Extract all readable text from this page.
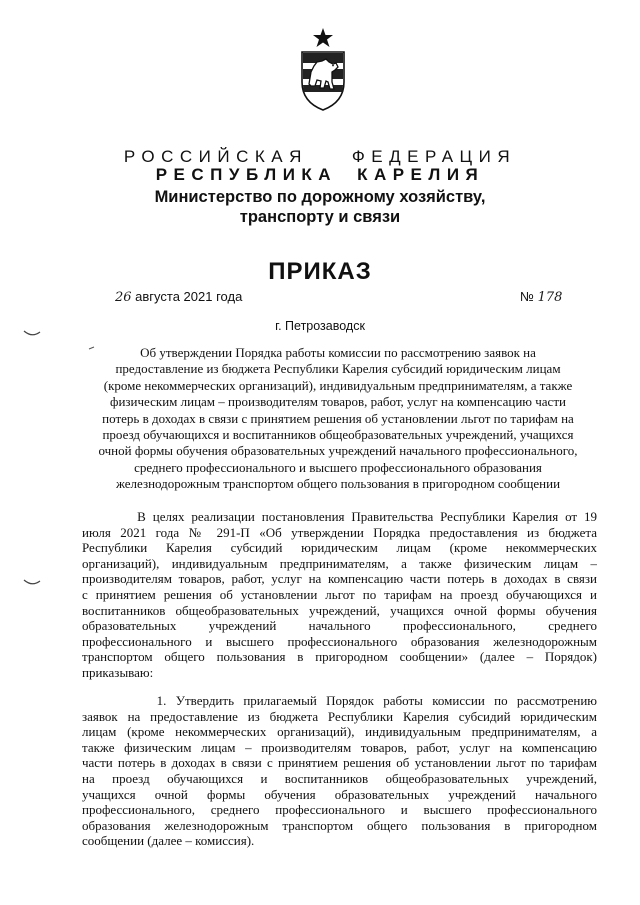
РОССИЙСКАЯ	ФЕДЕРАЦИЯ
РЕСПУБЛИКА КАРЕЛИЯ
Министерство по дорожному хозяйству,
транспорту и связи
ПРИКАЗ
26 августа 2021 года	№ 178
г. Петрозаводск
Об утверждении Порядка работы комиссии по рассмотрению заявок на
предоставление из бюджета Республики Карелия субсидий юридическим лицам
(кроме некоммерческих организаций), индивидуальным предпринимателям, а также
физическим лицам – производителям товаров, работ, услуг на компенсацию части
потерь в доходах в связи с принятием решения об установлении льгот по тарифам на
проезд обучающихся и воспитанников общеобразовательных учреждений, учащихся
очной формы обучения образовательных учреждений начального профессионального,
среднего профессионального и высшего профессионального образования
железнодорожным транспортом общего пользования в пригородном сообщении
В целях реализации постановления Правительства Республики Карелия от 19
июля 2021 года № 291-П «Об утверждении Порядка предоставления из бюджета
Республики Карелия субсидий юридическим лицам (кроме некоммерческих
организаций), индивидуальным предпринимателям, а также физическим лицам –
производителям товаров, работ, услуг на компенсацию части потерь в доходах в связи
с принятием решения об установлении льгот по тарифам на проезд обучающихся и
воспитанников общеобразовательных учреждений, учащихся очной формы обучения
образовательных учреждений начального профессионального, среднего
профессионального и высшего профессионального образования железнодорожным
транспортом общего пользования в пригородном сообщении» (далее – Порядок)
приказываю:
1. Утвердить прилагаемый Порядок работы комиссии по рассмотрению
заявок на предоставление из бюджета Республики Карелия субсидий юридическим
лицам (кроме некоммерческих организаций), индивидуальным предпринимателям, а
также физическим лицам – производителям товаров, работ, услуг на компенсацию
части потерь в доходах в связи с принятием решения об установлении льгот по тарифам
на проезд обучающихся и воспитанников общеобразовательных учреждений,
учащихся очной формы обучения образовательных учреждений начального
профессионального, среднего профессионального и высшего профессионального
образования железнодорожным транспортом общего пользования в пригородном
сообщении (далее – комиссия).
